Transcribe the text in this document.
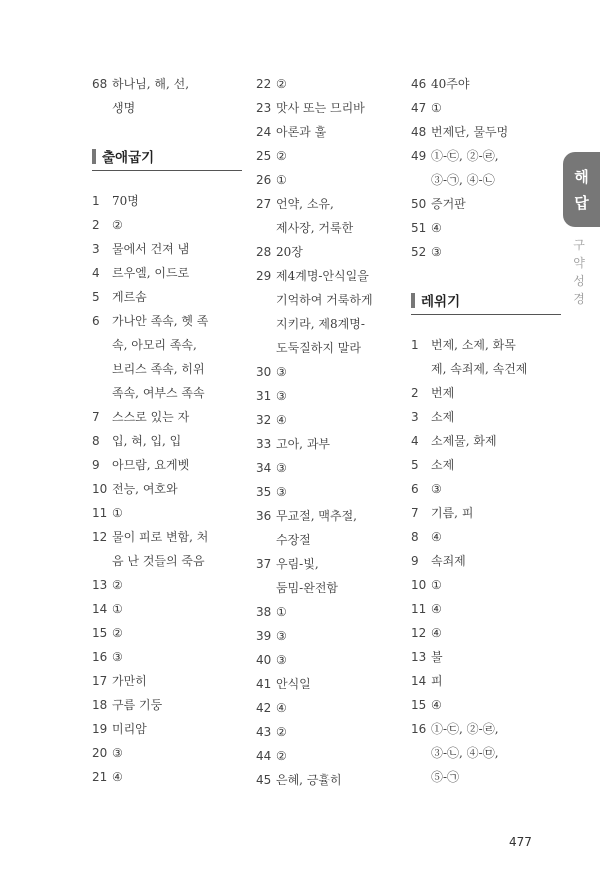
68 하나님, 해, 선,
생명
출애굽기
1	70명
2	②
3	물에서 건져 냄
4	르우엘, 이드로
5	게르솜
6	가나안 족속, 헷 족
속, 아모리 족속,
브리스 족속, 히위
족속, 여부스 족속
7	스스로 있는 자
8	입, 혀, 입, 입
9	아므람, 요게벳
10 전능, 여호와
11 ①
12 물이 피로 변함, 처
음 난 것들의 죽음
13 ②
14 ①
15 ②
16 ③
17 가만히
18 구름 기둥
19 미리암
20 ③
21 ④
22 ②
23 맛사 또는 므리바
24 아론과 훌
25 ②
26 ①
27 언약, 소유,
제사장, 거룩한
28 20장
29 제4계명-안식일을
기억하여 거룩하게
지키라, 제8계명-
도둑질하지 말라
30 ③
31 ③
32 ④
33 고아, 과부
34 ③
35 ③
36 무교절, 맥추절,
수장절
37 우림-빛,
둠밈-완전함
38 ①
39 ③
40 ③
41 안식일
42 ④
43 ②
44 ②
45 은혜, 긍휼히
46 40주야
47 ①
48 번제단, 물두멍
49 ①-㉢, ②-㉣,
③-㉠, ④-㉡
50 증거판
51 ④
52 ③
레위기
1	번제, 소제, 화목
제, 속죄제, 속건제
2	번제
3	소제
4	소제물, 화제
5	소제
6	③
7	기름, 피
8	④
9	속죄제
10 ①
11 ④
12 ④
13 불
14 피
15 ④
16 ①-㉢, ②-㉣,
③-㉡, ④-㉤,
⑤-㉠
해
답
구
약
성
경
477
